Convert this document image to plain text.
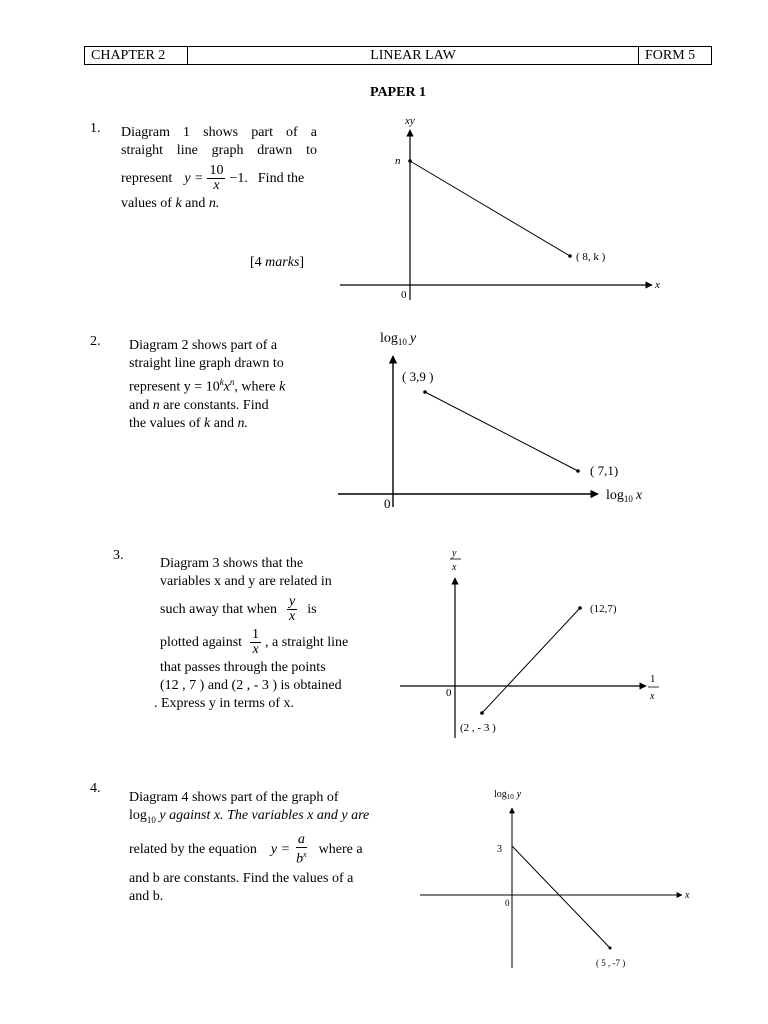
CHAPTER 2	LINEAR LAW	FORM 5
PAPER 1
1. Diagram 1 shows part of a
straight line graph drawn to
represent $y = \frac{10}{x} -1$. Find the
values of k and n.
[4 marks]
xy
x
0
n
( 8, k )
2. Diagram 2 shows part of a
straight line graph drawn to
represent $y = 10^kx^n$, where k
and n are constants. Find
the values of k and n.
$\log_{10} y$
$\log_{10} x$
0
( 3,9 )
( 7,1)
3.
Diagram 3 shows that the
variables x and y are related in
such away that when $\frac{y}{x}$ is
plotted against $\frac{1}{x}$ , a straight line
that passes through the points
(12 , 7 ) and (2 , - 3 ) is obtained
. Express y in terms of x.
y
x
1
x
0
(12,7)
(2 , - 3 )
4.
Diagram 4 shows part of the graph of
$\log_{10} y$ against x. The variables x and y are
related by the equation $y = \frac{a}{b^x}$ where a
and b are constants. Find the values of a
and b.
$\log_{10} y$
x
0
3
( 5 , -7 )
